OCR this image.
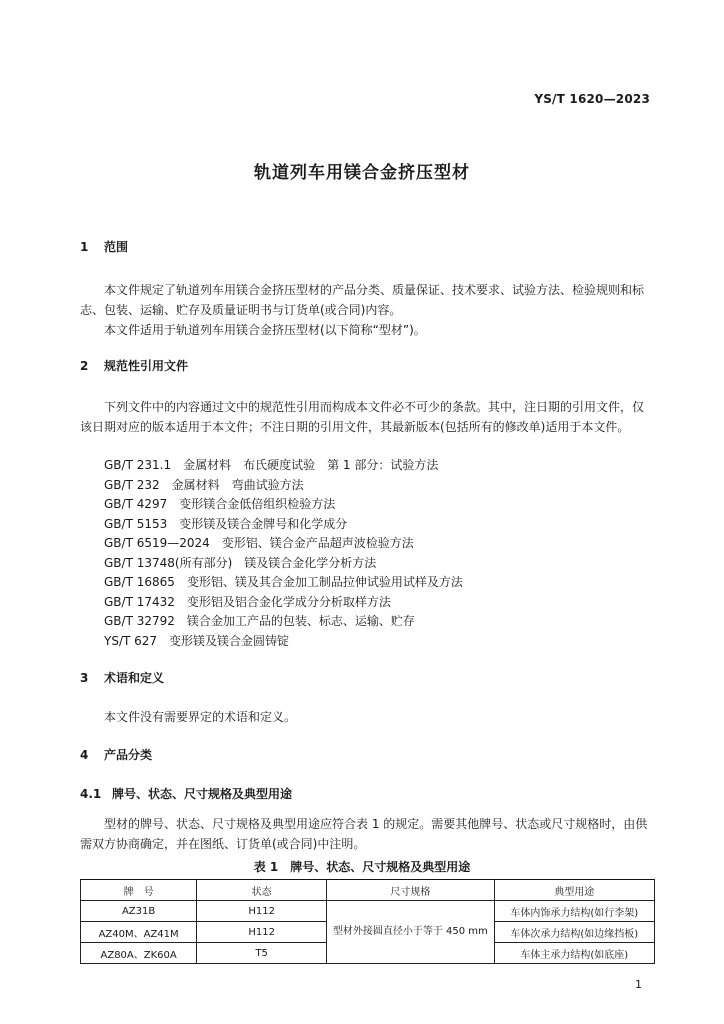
YS/T 1620—2023
轨道列车用镁合金挤压型材
1 范围

本文件规定了轨道列车用镁合金挤压型材的产品分类、质量保证、技术要求、试验方法、检验规则和标志、包装、运输、贮存及质量证明书与订货单(或合同)内容。

本文件适用于轨道列车用镁合金挤压型材(以下简称“型材”)。

2 规范性引用文件

下列文件中的内容通过文中的规范性引用而构成本文件必不可少的条款。其中，注日期的引用文件，仅该日期对应的版本适用于本文件；不注日期的引用文件，其最新版本(包括所有的修改单)适用于本文件。

GB/T 231.1　金属材料　布氏硬度试验　第 1 部分：试验方法
GB/T 232　金属材料　弯曲试验方法
GB/T 4297　变形镁合金低倍组织检验方法
GB/T 5153　变形镁及镁合金牌号和化学成分
GB/T 6519—2024　变形铝、镁合金产品超声波检验方法
GB/T 13748(所有部分)　镁及镁合金化学分析方法
GB/T 16865　变形铝、镁及其合金加工制品拉伸试验用试样及方法
GB/T 17432　变形铝及铝合金化学成分分析取样方法
GB/T 32792　镁合金加工产品的包装、标志、运输、贮存
YS/T 627　变形镁及镁合金圆铸锭
3 术语和定义

本文件没有需要界定的术语和定义。

4 产品分类
4.1 牌号、状态、尺寸规格及典型用途

型材的牌号、状态、尺寸规格及典型用途应符合表 1 的规定。需要其他牌号、状态或尺寸规格时，由供需双方协商确定，并在图纸、订货单(或合同)中注明。

表 1　牌号、状态、尺寸规格及典型用途
牌　号	状态	尺寸规格	典型用途
AZ31B	H112	型材外接圆直径小于等于 450 mm	车体内饰承力结构(如行李架)
AZ40M、AZ41M	H112		车体次承力结构(如边缘挡板)
AZ80A、ZK60A	T5		车体主承力结构(如底座)
1
